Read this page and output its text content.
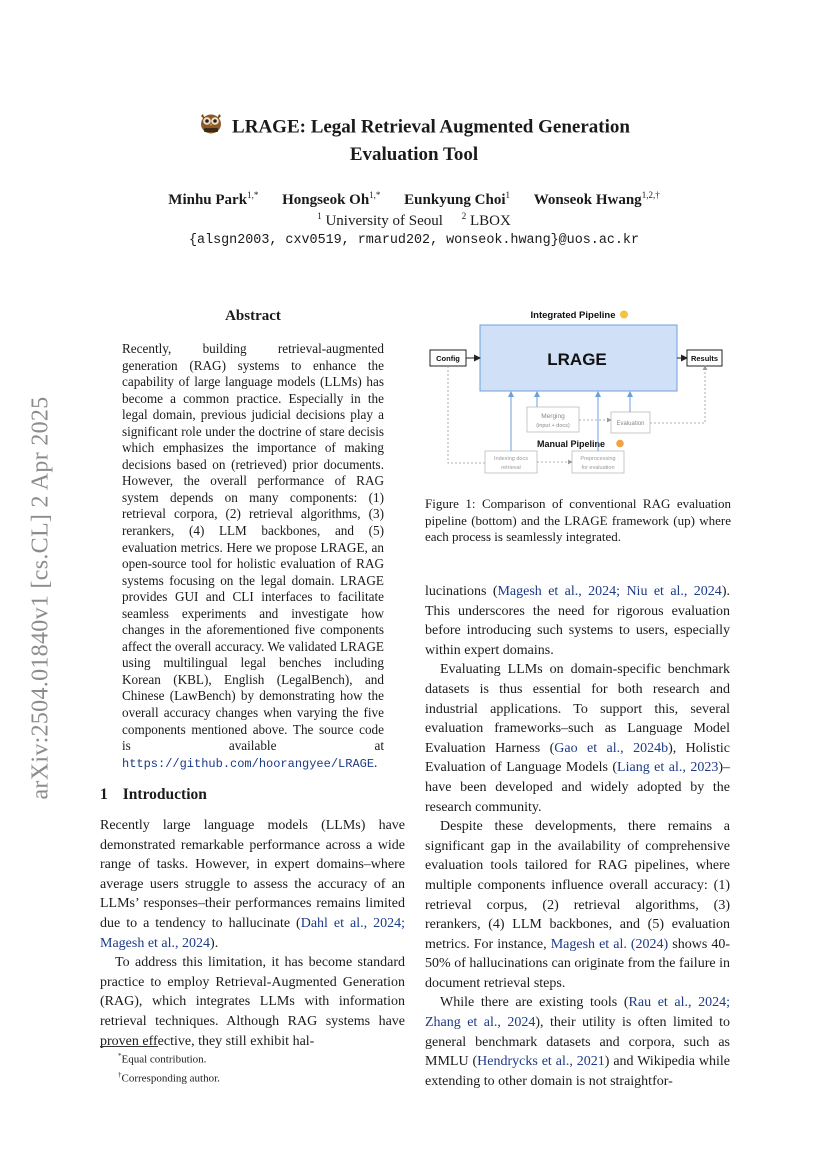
arXiv:2504.01840v1 [cs.CL] 2 Apr 2025
LRAGE: Legal Retrieval Augmented Generation
Evaluation Tool
Minhu Park$^{1,*}$ Hongseok $Oh^{1,*}$ Eunkyung Choi$^1$ Wonseok Hwang$^{1,2,\dagger}$
$^1$ University of Seoul $^2$ LBOX
{alsgn2003, cxv0519, rmarud202, wonseok.hwang}@uos.ac.kr
Abstract
Recently, building retrieval-augmented generation (RAG) systems to enhance the capability of large language models (LLMs) has become a common practice. Especially in the legal domain, previous judicial decisions play a significant role under the doctrine of stare decisis which emphasizes the importance of making decisions based on (retrieved) prior documents. However, the overall performance of RAG system depends on many components: (1) retrieval corpora, (2) retrieval algorithms, (3) rerankers, (4) LLM backbones, and (5) evaluation metrics. Here we propose LRAGE, an open-source tool for holistic evaluation of RAG systems focusing on the legal domain. LRAGE provides GUI and CLI interfaces to facilitate seamless experiments and investigate how changes in the aforementioned five components affect the overall accuracy. We validated LRAGE using multilingual legal benches including Korean (KBL), English (LegalBench), and Chinese (LawBench) by demonstrating how the overall accuracy changes when varying the five components mentioned above. The source code is available at https://github.com/hoorangyee/LRAGE.
1 Introduction

Recently large language models (LLMs) have demonstrated remarkable performance across a wide range of tasks. However, in expert domains–where average users struggle to assess the accuracy of an LLMs’ responses–their performances remains limited due to a tendency to hallucinate (Dahl et al., 2024; Magesh et al., 2024).

To address this limitation, it has become standard practice to employ Retrieval-Augmented Generation (RAG), which integrates LLMs with information retrieval techniques. Although RAG systems have proven effective, they still exhibit hal-

*Equal contribution.
†Corresponding author.
Integrated Pipeline
LRAGE
Config	Results
Merging
(input + docs)	Evaluation
Manual Pipeline
Indexing docs
retrieval
Preprocessing
for evaluation
Figure 1: Comparison of conventional RAG evaluation pipeline (bottom) and the LRAGE framework (up) where each process is seamlessly integrated.

lucinations (Magesh et al., 2024; Niu et al., 2024). This underscores the need for rigorous evaluation before introducing such systems to users, especially within expert domains.

Evaluating LLMs on domain-specific benchmark datasets is thus essential for both research and industrial applications. To support this, several evaluation frameworks–such as Language Model Evaluation Harness (Gao et al., 2024b), Holistic Evaluation of Language Models (Liang et al., 2023)–have been developed and widely adopted by the research community.

Despite these developments, there remains a significant gap in the availability of comprehensive evaluation tools tailored for RAG pipelines, where multiple components influence overall accuracy: (1) retrieval corpus, (2) retrieval algorithms, (3) rerankers, (4) LLM backbones, and (5) evaluation metrics. For instance, Magesh et al. (2024) shows 40-50% of hallucinations can originate from the failure in document retrieval steps.

While there are existing tools (Rau et al., 2024; Zhang et al., 2024), their utility is often limited to general benchmark datasets and corpora, such as MMLU (Hendrycks et al., 2021) and Wikipedia while extending to other domain is not straightfor-
